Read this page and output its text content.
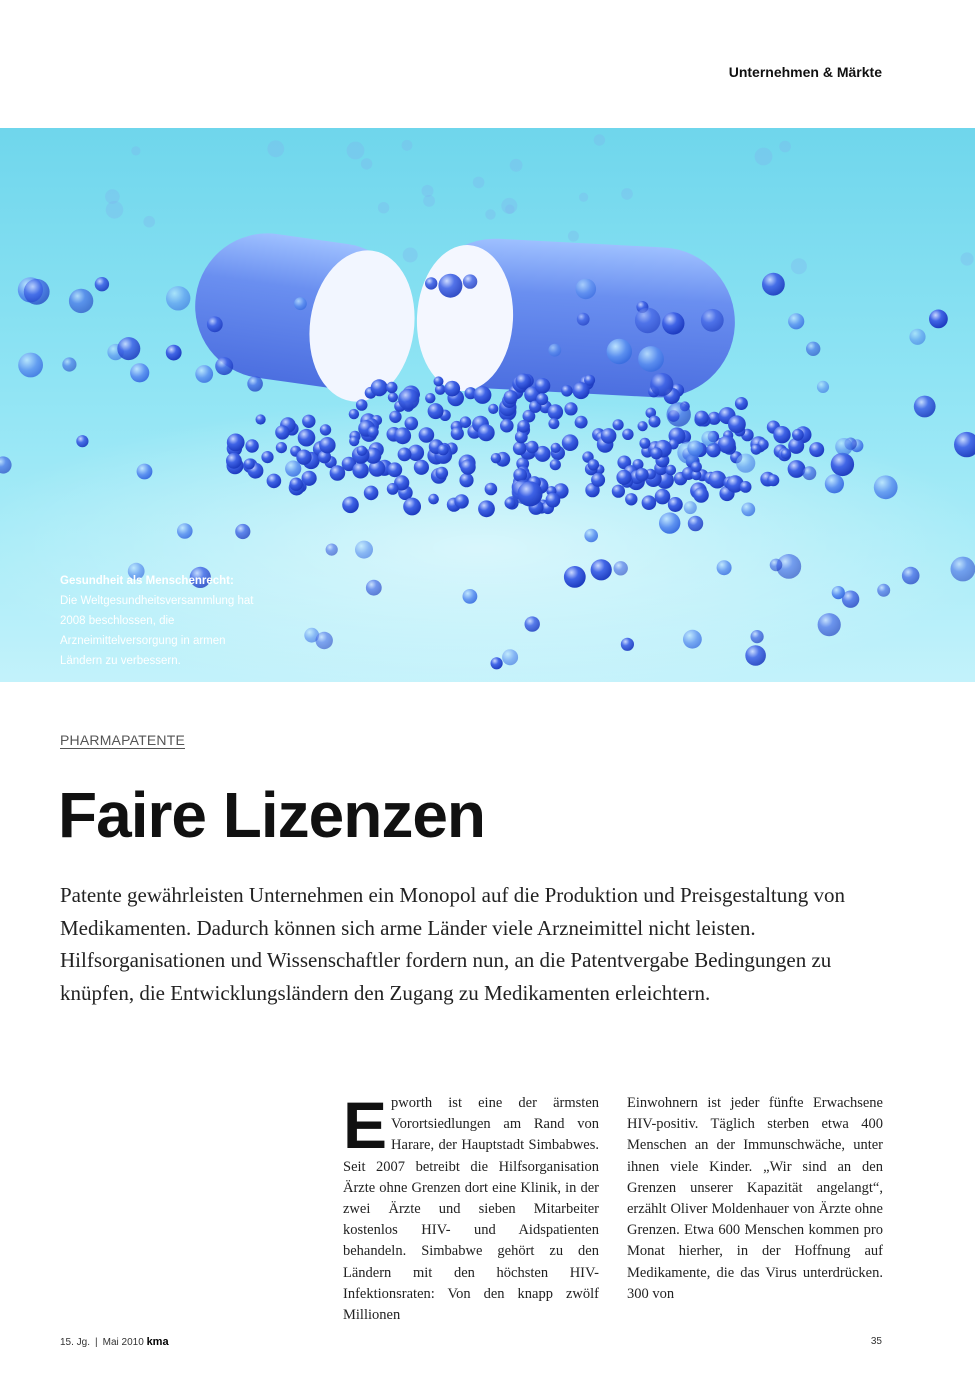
Unternehmen & Märkte
Gesundheit als Menschenrecht:
Die Weltgesundheitsversammlung hat 2008 beschlossen, die Arzneimittelversorgung in armen Ländern zu verbessern.
PHARMAPATENTE
Faire Lizenzen

Patente gewährleisten Unternehmen ein Monopol auf die Produktion und Preisgestaltung von Medikamenten. Dadurch können sich arme Länder viele Arzneimittel nicht leisten. Hilfsorganisationen und Wissenschaftler fordern nun, an die Patentvergabe Bedingungen zu knüpfen, die Entwicklungsländern den Zugang zu Medikamenten erleichtern.

Epworth ist eine der ärmsten Vorortsiedlungen am Rand von Harare, der Hauptstadt Simbabwes. Seit 2007 betreibt die Hilfsorganisation Ärzte ohne Grenzen dort eine Klinik, in der zwei Ärzte und sieben Mitarbeiter kostenlos HIV- und Aidspatienten behandeln. Simbabwe gehört zu den Ländern mit den höchsten HIV-Infektionsraten: Von den knapp zwölf Millionen
Einwohnern ist jeder fünfte Erwachsene HIV-positiv. Täglich sterben etwa 400 Menschen an der Immunschwäche, unter ihnen viele Kinder. „Wir sind an den Grenzen unserer Kapazität angelangt“, erzählt Oliver Moldenhauer von Ärzte ohne Grenzen. Etwa 600 Menschen kommen pro Monat hierher, in der Hoffnung auf Medikamente, die das Virus unterdrücken. 300 von
15. Jg. | Mai 2010 kma	35
